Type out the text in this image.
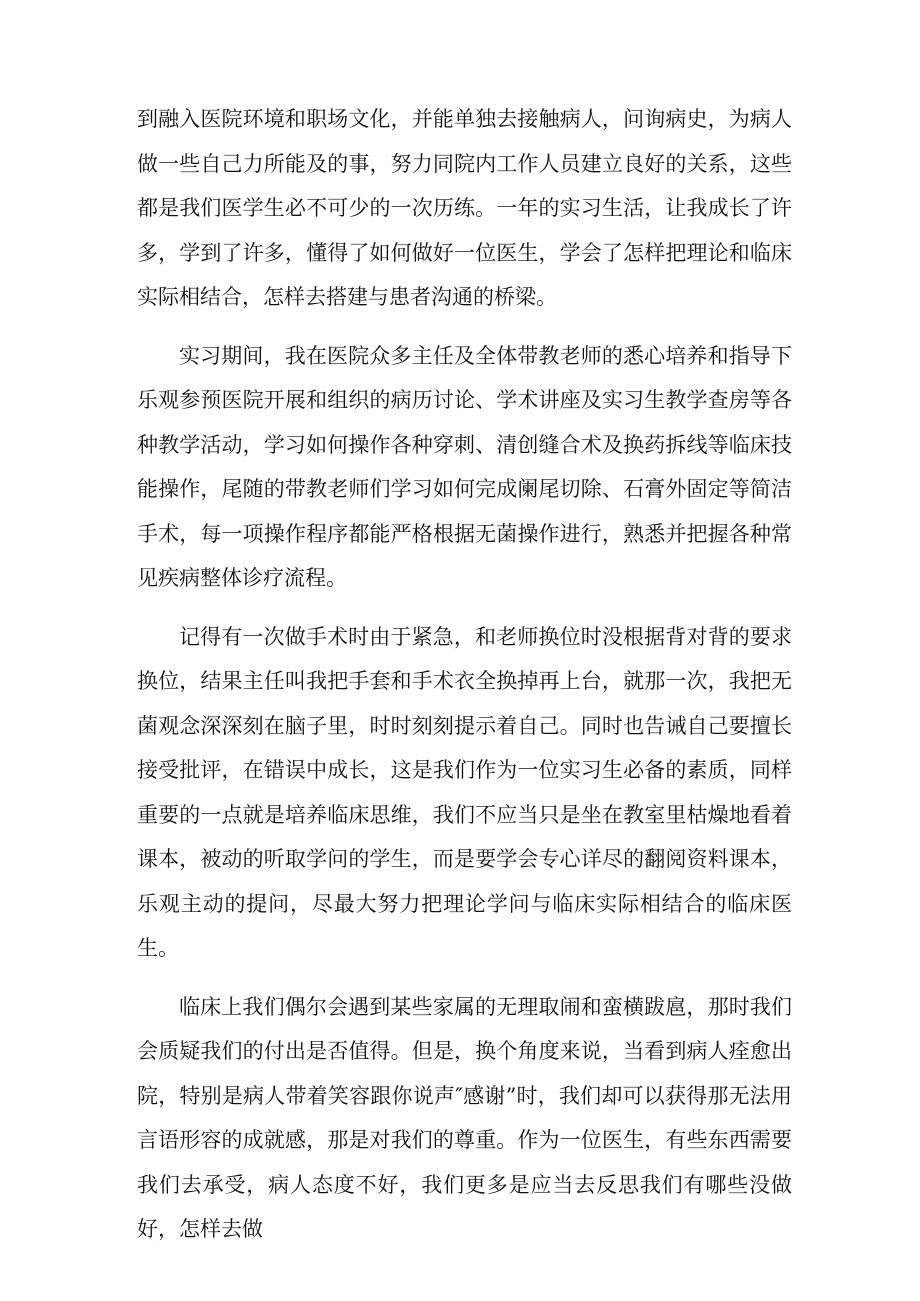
到融入医院环境和职场文化，并能单独去接触病人，问询病史，为病人做一些自己力所能及的事，努力同院内工作人员建立良好的关系，这些都是我们医学生必不可少的一次历练。一年的实习生活，让我成长了许多，学到了许多，懂得了如何做好一位医生，学会了怎样把理论和临床实际相结合，怎样去搭建与患者沟通的桥梁。

实习期间，我在医院众多主任及全体带教老师的悉心培养和指导下乐观参预医院开展和组织的病历讨论、学术讲座及实习生教学查房等各种教学活动，学习如何操作各种穿刺、清创缝合术及换药拆线等临床技能操作，尾随的带教老师们学习如何完成阑尾切除、石膏外固定等简洁手术，每一项操作程序都能严格根据无菌操作进行，熟悉并把握各种常见疾病整体诊疗流程。

记得有一次做手术时由于紧急，和老师换位时没根据背对背的要求换位，结果主任叫我把手套和手术衣全换掉再上台，就那一次，我把无菌观念深深刻在脑子里，时时刻刻提示着自己。同时也告诫自己要擅长接受批评，在错误中成长，这是我们作为一位实习生必备的素质，同样重要的一点就是培养临床思维，我们不应当只是坐在教室里枯燥地看着课本，被动的听取学问的学生，而是要学会专心详尽的翻阅资料课本，乐观主动的提问，尽最大努力把理论学问与临床实际相结合的临床医生。

临床上我们偶尔会遇到某些家属的无理取闹和蛮横跋扈，那时我们会质疑我们的付出是否值得。但是，换个角度来说，当看到病人痊愈出院，特别是病人带着笑容跟你说声″感谢”时，我们却可以获得那无法用言语形容的成就感，那是对我们的尊重。作为一位医生，有些东西需要我们去承受，病人态度不好，我们更多是应当去反思我们有哪些没做好，怎样去做
